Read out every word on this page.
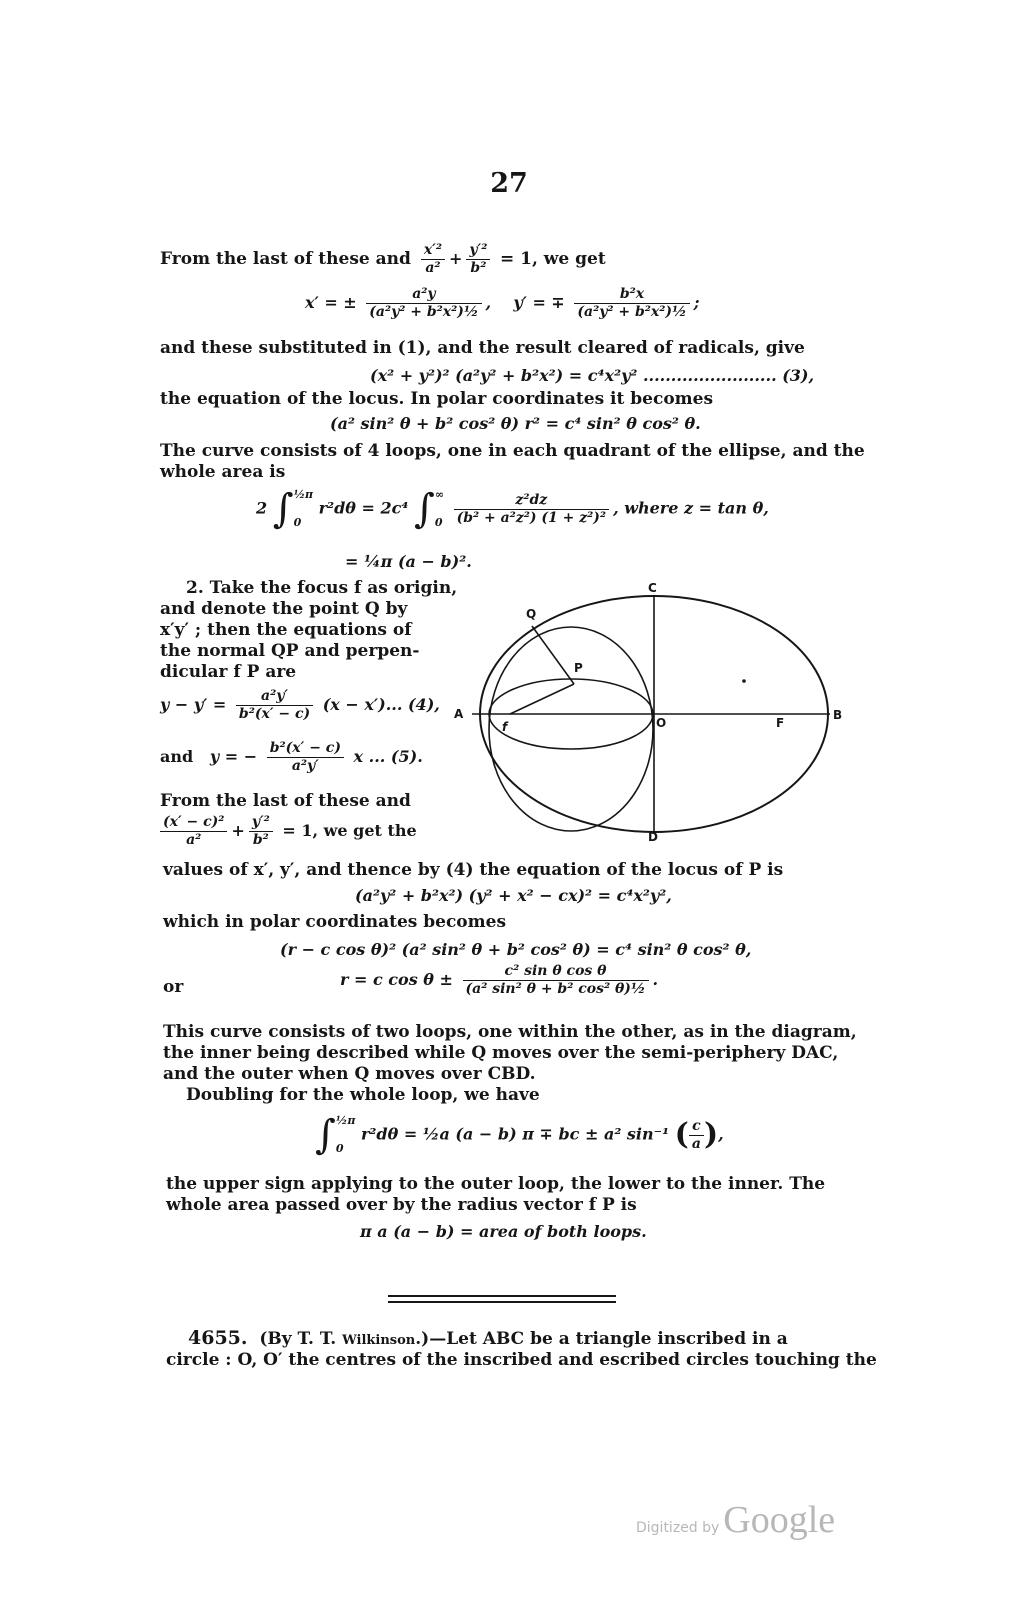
27
From the last of these and $\frac{\text{x′²}}{\text{a²}} + \frac{\text{y′²}}{\text{b²}} = 1$, we get
x′ = ± $\frac{\text{a²y}}{\text{(a²y² + b²x²)½}}$ ,    y′ = ∓ $\frac{\text{b²x}}{\text{(a²y² + b²x²)½}}$ ;
and these substituted in (1), and the result cleared of radicals, give
(x² + y²)² (a²y² + b²x²) = c⁴x²y² ........................ (3),
the equation of the locus. In polar coordinates it becomes
(a² sin² θ + b² cos² θ) r² = c⁴ sin² θ cos² θ.
The curve consists of 4 loops, one in each quadrant of the ellipse, and the
whole area is
2 ∫ ½π
0
r²dθ = 2c⁴ ∫ ∞
0
$\frac{\text{z²dz}}{\text{(b² + a²z²) (1 + z²)²}}$ , where z = tan θ,
= ¼π (a − b)².
2. Take the focus f as origin,
and denote the point Q by
x′y′ ; then the equations of
the normal QP and perpen-
dicular f P are
$y - y' = \frac{\text{a²y′}}{\text{b²(x′ − c)}} (x - x')$... (4),
and y = − $\frac{\text{b²(x′ − c)}}{\text{a²y′}}$ x ... (5).
From the last of these and
$\frac{\text{(x′ − c)²}}{\text{a²}} + \frac{\text{y′²}}{\text{b²}} = 1$, we get the
Q
P
C
A	B
f	O	F
D
values of x′, y′, and thence by (4) the equation of the locus of P is
(a²y² + b²x²) (y² + x² − cx)² = c⁴x²y²,
which in polar coordinates becomes
(r − c cos θ)² (a² sin² θ + b² cos² θ) = c⁴ sin² θ cos² θ,
or	r = c $\cos \theta \pm \frac{\text{c² sin θ cos θ}}{\text{(a² sin² θ + b² cos² θ)½}}$ .
This curve consists of two loops, one within the other, as in the diagram,
the inner being described while Q moves over the semi-periphery DAC,
and the outer when Q moves over CBD.
Doubling for the whole loop, we have
∫ ½π
0
r²dθ = ½a (a − b) π ∓ bc ± a² sin⁻¹ ( $\frac{c}{a}$ ),
the upper sign applying to the outer loop, the lower to the inner. The
whole area passed over by the radius vector f P is
π a (a − b) = area of both loops.
4655. (By T. T. Wilkinson.)—Let ABC be a triangle inscribed in a
circle : O, O′ the centres of the inscribed and escribed circles touching the
Digitized by Google
